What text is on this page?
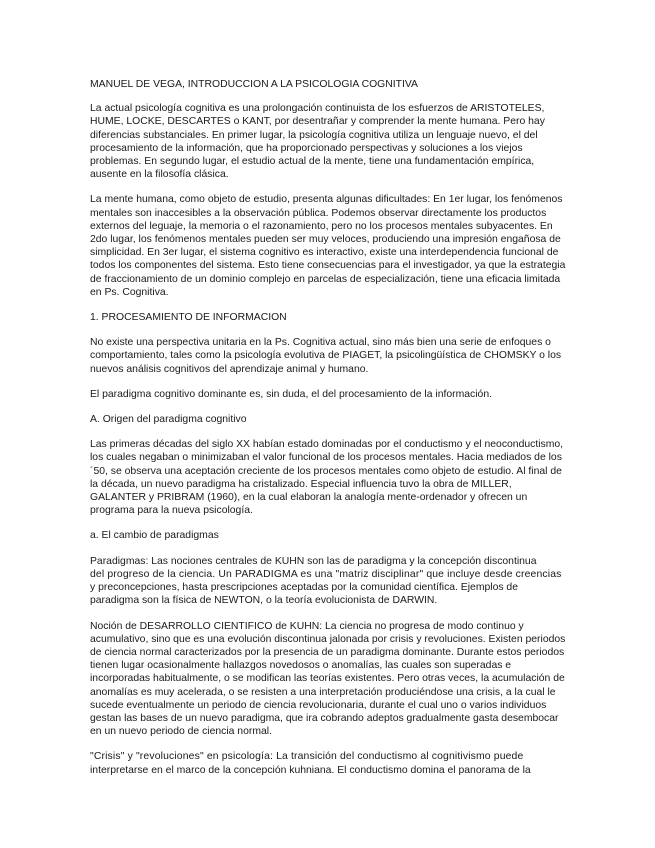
MANUEL DE VEGA, INTRODUCCION A LA PSICOLOGIA COGNITIVA

La actual psicología cognitiva es una prolongación continuista de los esfuerzos de ARISTOTELES, HUME, LOCKE, DESCARTES o KANT, por desentrañar y comprender la mente humana. Pero hay diferencias substanciales. En primer lugar, la psicología cognitiva utiliza un lenguaje nuevo, el del procesamiento de la información, que ha proporcionado perspectivas y soluciones a los viejos problemas. En segundo lugar, el estudio actual de la mente, tiene una fundamentación empírica, ausente en la filosofía clásica.

La mente humana, como objeto de estudio, presenta algunas dificultades: En 1er lugar, los fenómenos mentales son inaccesibles a la observación pública. Podemos observar directamente los productos externos del leguaje, la memoria o el razonamiento, pero no los procesos mentales subyacentes. En 2do lugar, los fenómenos mentales pueden ser muy veloces, produciendo una impresión engañosa de simplicidad. En 3er lugar, el sistema cognitivo es interactivo, existe una interdependencia funcional de todos los componentes del sistema. Esto tiene consecuencias para el investigador, ya que la estrategia de fraccionamiento de un dominio complejo en parcelas de especialización, tiene una eficacia limitada en Ps. Cognitiva.

1. PROCESAMIENTO DE INFORMACION

No existe una perspectiva unitaria en la Ps. Cognitiva actual, sino más bien una serie de enfoques o comportamiento, tales como la psicología evolutiva de PIAGET, la psicolingüística de CHOMSKY o los nuevos análisis cognitivos del aprendizaje animal y humano.

El paradigma cognitivo dominante es, sin duda, el del procesamiento de la información.

A. Origen del paradigma cognitivo

Las primeras décadas del siglo XX habían estado dominadas por el conductismo y el neoconductismo, los cuales negaban o minimizaban el valor funcional de los procesos mentales. Hacia mediados de los ´50, se observa una aceptación creciente de los procesos mentales como objeto de estudio. Al final de la década, un nuevo paradigma ha cristalizado. Especial influencia tuvo la obra de MILLER, GALANTER y PRIBRAM (1960), en la cual elaboran la analogía mente-ordenador y ofrecen un programa para la nueva psicología.

a. El cambio de paradigmas

Paradigmas: Las nociones centrales de KUHN son las de paradigma y la concepción discontinua

del progreso de la ciencia. Un PARADIGMA es una "matriz disciplinar" que incluye desde creencias

y preconcepciones, hasta prescripciones aceptadas por la comunidad científica. Ejemplos de paradigma son la física de NEWTON, o la teoría evolucionista de DARWIN.

Noción de DESARROLLO CIENTIFICO de KUHN: La ciencia no progresa de modo continuo y acumulativo, sino que es una evolución discontinua jalonada por crisis y revoluciones. Existen periodos de ciencia normal caracterizados por la presencia de un paradigma dominante. Durante estos periodos tienen lugar ocasionalmente hallazgos novedosos o anomalías, las cuales son superadas e incorporadas habitualmente, o se modifican las teorías existentes. Pero otras veces, la acumulación de anomalías es muy acelerada, o se resisten a una interpretación produciéndose una crisis, a la cual le sucede eventualmente un periodo de ciencia revolucionaria, durante el cual uno o varios individuos gestan las bases de un nuevo paradigma, que ira cobrando adeptos gradualmente gasta desembocar en un nuevo periodo de ciencia normal.

"Crisis" y "revoluciones" en psicología: La transición del conductismo al cognitivismo puede

interpretarse en el marco de la concepción kuhniana. El conductismo domina el panorama de la
